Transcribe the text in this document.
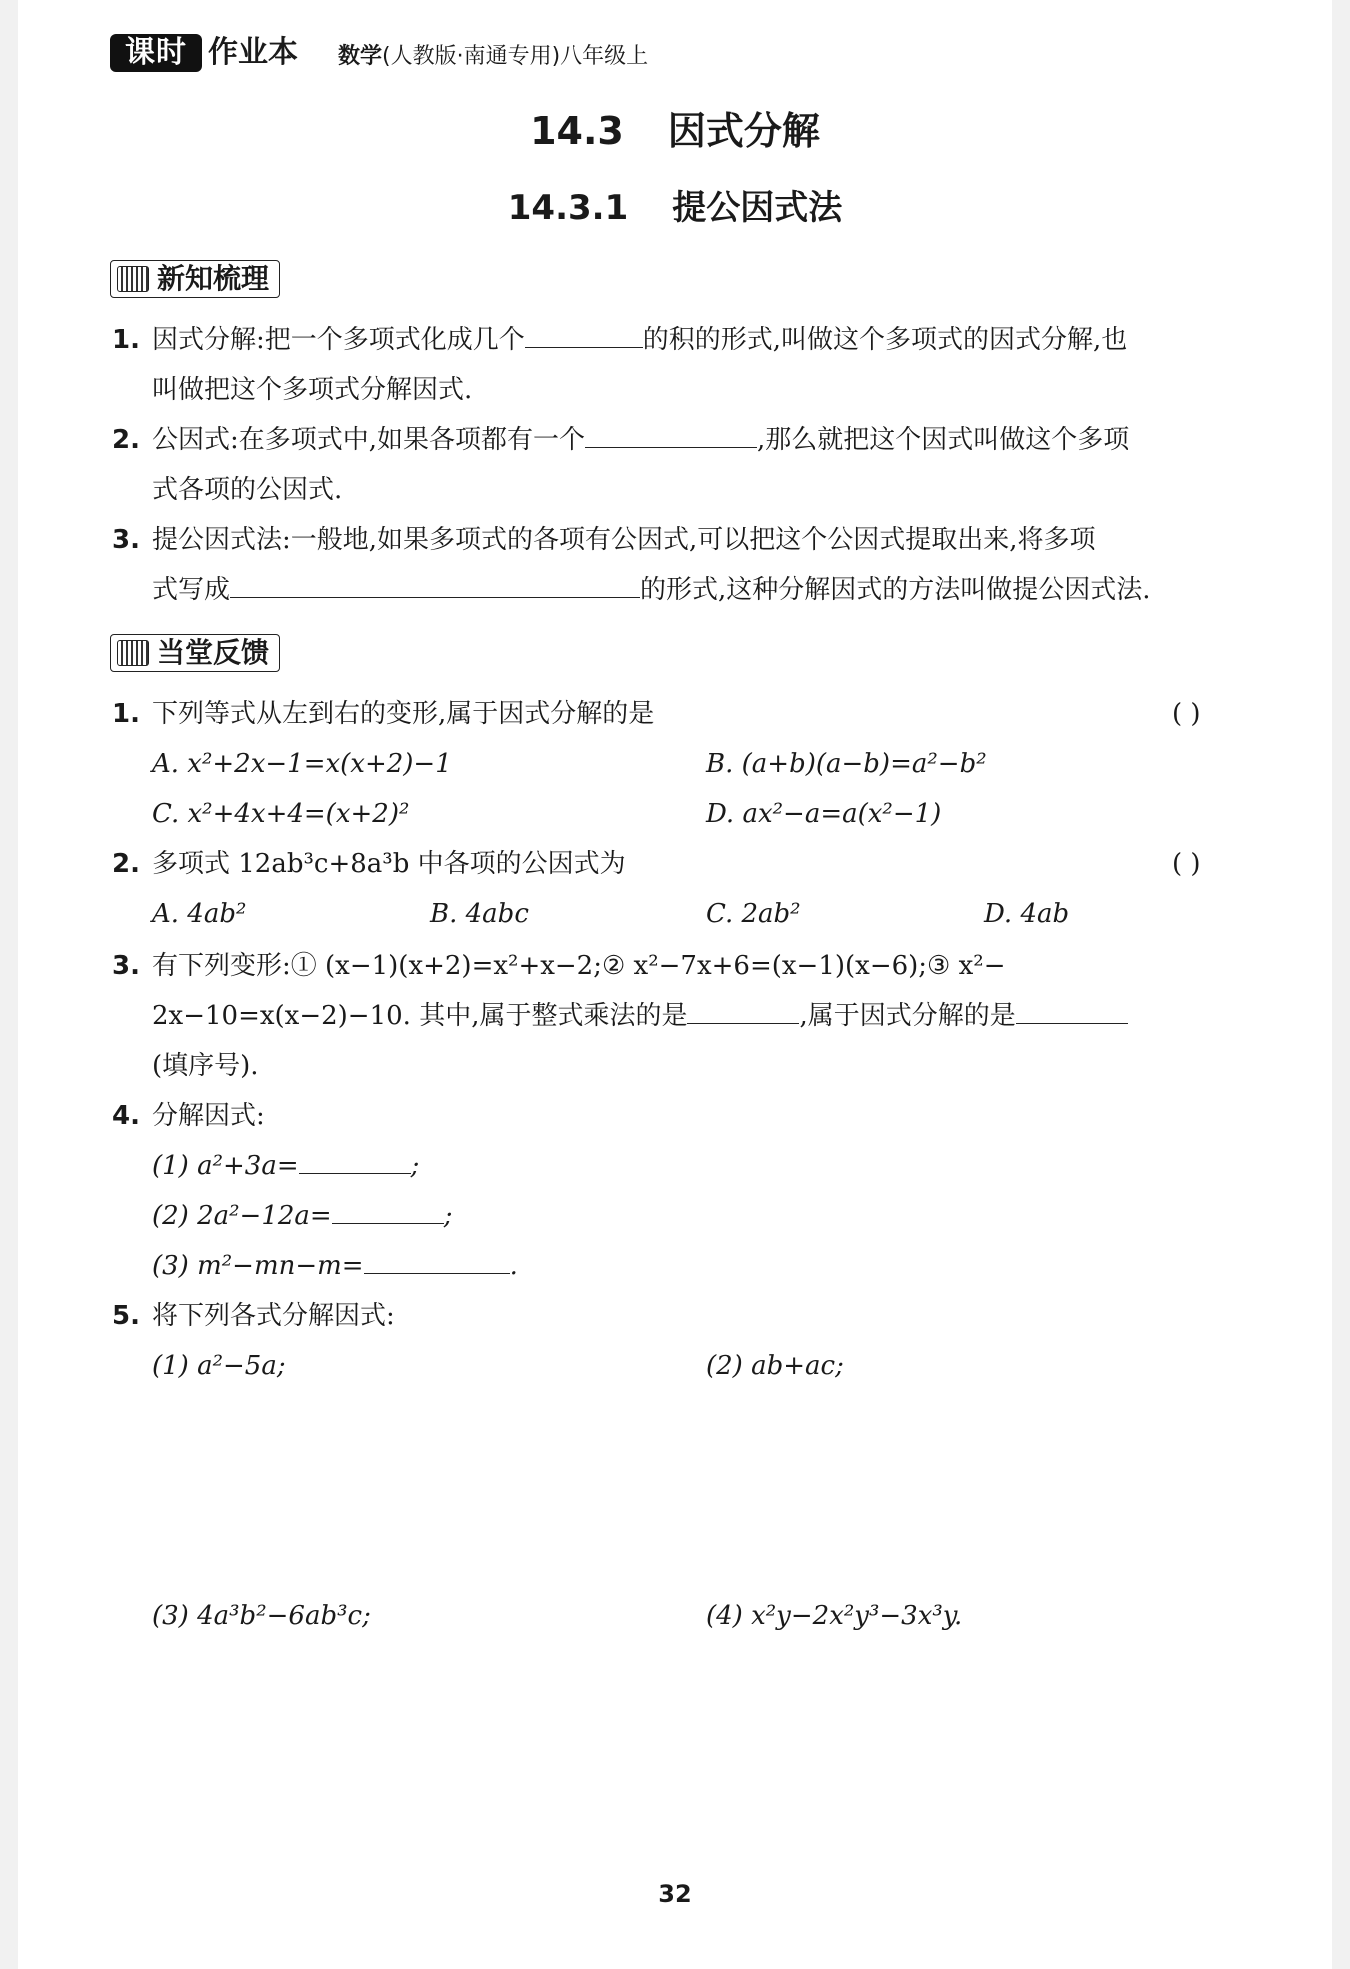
课时 作业本 数学(人教版·南通专用)八年级上
14.3 因式分解
14.3.1 提公因式法
新知梳理
1. 因式分解:把一个多项式化成几个	的积的形式,叫做这个多项式的因式分解,也
叫做把这个多项式分解因式.
2. 公因式:在多项式中,如果各项都有一个	,那么就把这个因式叫做这个多项
式各项的公因式.
3. 提公因式法:一般地,如果多项式的各项有公因式,可以把这个公因式提取出来,将多项
式写成	的形式,这种分解因式的方法叫做提公因式法.
当堂反馈
1. 下列等式从左到右的变形,属于因式分解的是	( )
A. x²+2x−1=x(x+2)−1	B. (a+b)(a−b)=a²−b²
C. x²+4x+4=(x+2)²	D. ax²−a=a(x²−1)
2. 多项式 12ab³c+8a³b 中各项的公因式为	( )
A. 4ab²	B. 4abc	C. 2ab²	D. 4ab
3. 有下列变形:① (x−1)(x+2)=x²+x−2;② x²−7x+6=(x−1)(x−6);③ x²−
2x−10=x(x−2)−10. 其中,属于整式乘法的是	,属于因式分解的是
(填序号).
4. 分解因式:
(1) a²+3a=	;
(2) 2a²−12a=	;
(3) m²−mn−m=	.
5. 将下列各式分解因式:
(1) a²−5a;	(2) ab+ac;
(3) 4a³b²−6ab³c;	(4) x²y−2x²y³−3x³y.
32
